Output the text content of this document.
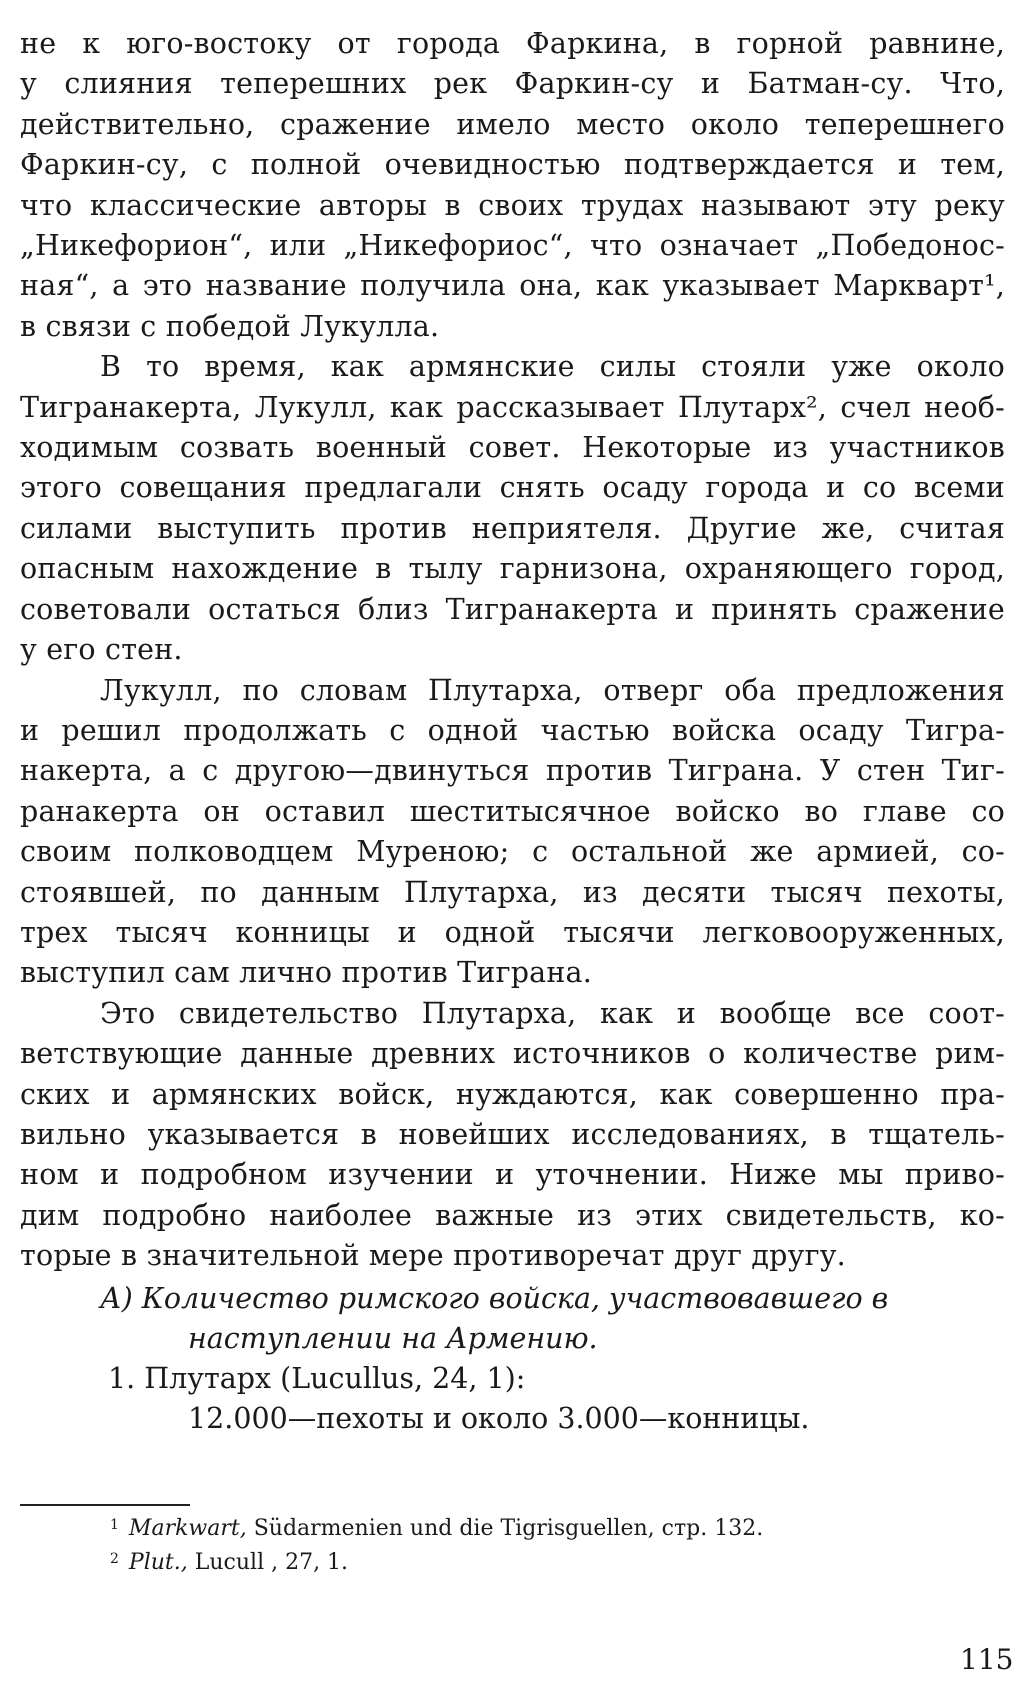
не к юго-востоку от города Фаркина, в горной равнине,
у слияния теперешних рек Фаркин-су и Батман-су. Что,
действительно, сражение имело место около теперешнего
Фаркин-су, с полной очевидностью подтверждается и тем,
что классические авторы в своих трудах называют эту реку
„Никефорион“, или „Никефориос“, что означает „Победонос-
ная“, а это название получила она, как указывает Маркварт¹,
в связи с победой Лукулла.
В то время, как армянские силы стояли уже около
Тигранакерта, Лукулл, как рассказывает Плутарх², счел необ-
ходимым созвать военный совет. Некоторые из участников
этого совещания предлагали снять осаду города и со всеми
силами выступить против неприятеля. Другие же, считая
опасным нахождение в тылу гарнизона, охраняющего город,
советовали остаться близ Тигранакерта и принять сражение
у его стен.
Лукулл, по словам Плутарха, отверг оба предложения
и решил продолжать с одной частью войска осаду Тигра-
накерта, а с другою—двинуться против Тиграна. У стен Тиг-
ранакерта он оставил шеститысячное войско во главе со
своим полководцем Муреною; с остальной же армией, со-
стоявшей, по данным Плутарха, из десяти тысяч пехоты,
трех тысяч конницы и одной тысячи легковооруженных,
выступил сам лично против Тиграна.
Это свидетельство Плутарха, как и вообще все соот-
ветствующие данные древних источников о количестве рим-
ских и армянских войск, нуждаются, как совершенно пра-
вильно указывается в новейших исследованиях, в тщатель-
ном и подробном изучении и уточнении. Ниже мы приво-
дим подробно наиболее важные из этих свидетельств, ко-
торые в значительной мере противоречат друг другу.
А) Количество римского войска, участвовавшего в
наступлении на Армению.
1. Плутарх (Lucullus, 24, 1):
12.000—пехоты и около 3.000—конницы.
$^1$ Markwart, Südarmenien und die Tigrisguellen, стр. 132.
$^2$ Plut., Lucull , 27, 1.
115
